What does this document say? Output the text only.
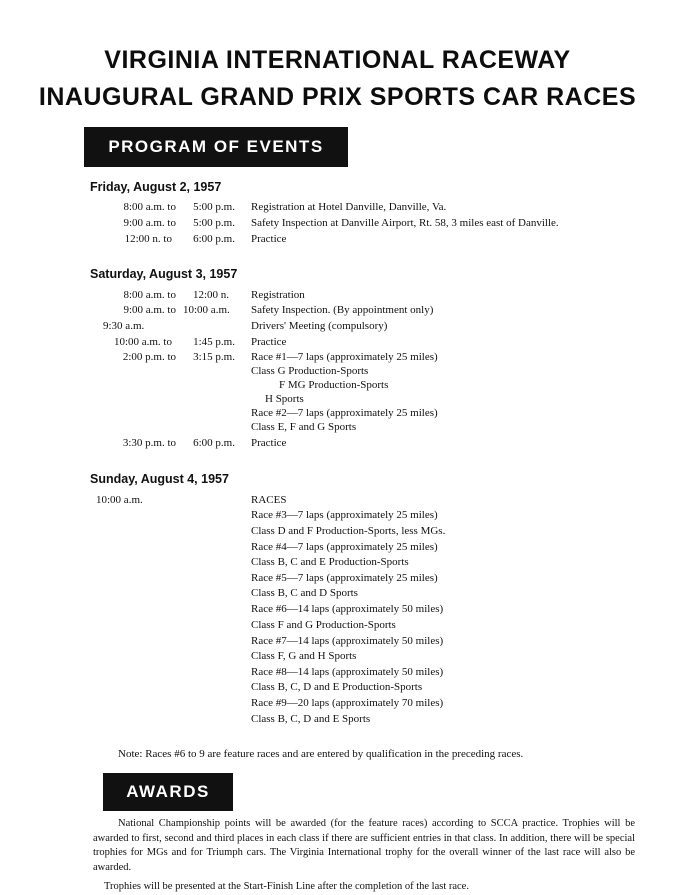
VIRGINIA INTERNATIONAL RACEWAY
INAUGURAL GRAND PRIX SPORTS CAR RACES
PROGRAM OF EVENTS
Friday, August 2, 1957
8:00 a.m. to	5:00 p.m. Registration at Hotel Danville, Danville, Va.
9:00 a.m. to	5:00 p.m. Safety Inspection at Danville Airport, Rt. 58, 3 miles east of Danville.
12:00 n. to	6:00 p.m. Practice
Saturday, August 3, 1957
8:00 a.m. to	12:00 n. Registration
9:00 a.m. to 10:00 a.m. Safety Inspection. (By appointment only)
9:30 a.m.	Drivers' Meeting (compulsory)
10:00 a.m. to	1:45 p.m. Practice
2:00 p.m. to	3:15 p.m. Race #1—7 laps (approximately 25 miles)
Class G Production-Sports
F MG Production-Sports
H Sports
Race #2—7 laps (approximately 25 miles)
Class E, F and G Sports
3:30 p.m. to	6:00 p.m. Practice
Sunday, August 4, 1957
10:00 a.m.	RACES
Race #3—7 laps (approximately 25 miles)
Class D and F Production-Sports, less MGs.
Race #4—7 laps (approximately 25 miles)
Class B, C and E Production-Sports
Race #5—7 laps (approximately 25 miles)
Class B, C and D Sports
Race #6—14 laps (approximately 50 miles)
Class F and G Production-Sports
Race #7—14 laps (approximately 50 miles)
Class F, G and H Sports
Race #8—14 laps (approximately 50 miles)
Class B, C, D and E Production-Sports
Race #9—20 laps (approximately 70 miles)
Class B, C, D and E Sports
Note: Races #6 to 9 are feature races and are entered by qualification in the preceding races.
AWARDS
National Championship points will be awarded (for the feature races) according to SCCA practice. Trophies will be awarded to first, second and third places in each class if there are sufficient entries in that class. In addition, there will be special trophies for MGs and for Triumph cars. The Virginia International trophy for the overall winner of the last race will also be awarded.
Trophies will be presented at the Start-Finish Line after the completion of the last race.
